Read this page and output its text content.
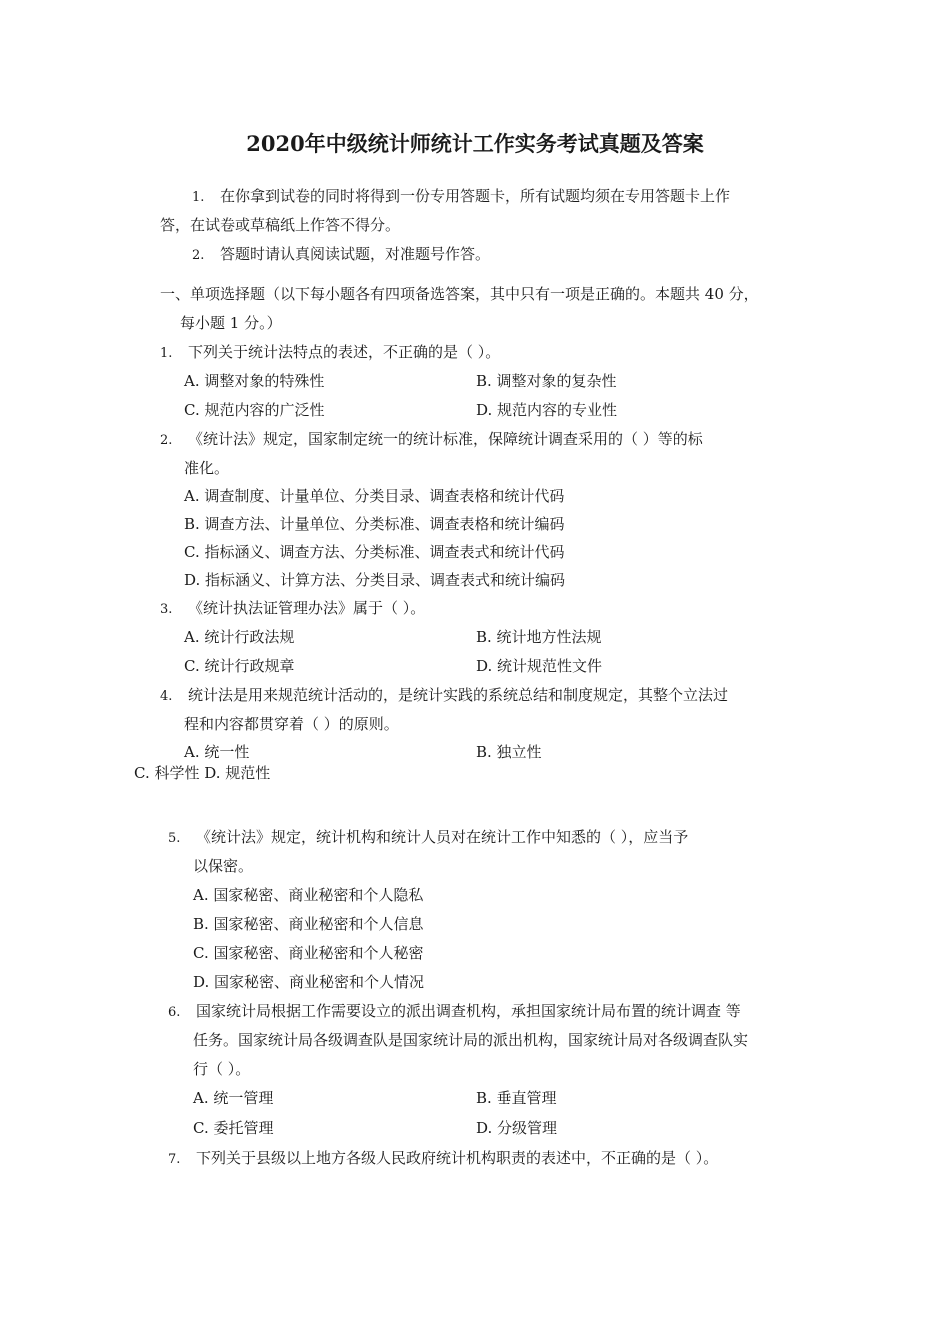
2020年中级统计师统计工作实务考试真题及答案
1. 在你拿到试卷的同时将得到一份专用答题卡，所有试题均须在专用答题卡上作
答，在试卷或草稿纸上作答不得分。
2. 答题时请认真阅读试题，对准题号作答。
一、单项选择题（以下每小题各有四项备选答案，其中只有一项是正确的。本题共 40 分，
每小题 1 分。）
1. 下列关于统计法特点的表述，不正确的是（ ）。
A. 调整对象的特殊性	B. 调整对象的复杂性
C. 规范内容的广泛性	D. 规范内容的专业性
2. 《统计法》规定，国家制定统一的统计标准，保障统计调查采用的（ ）等的标
准化。
A. 调查制度、计量单位、分类目录、调查表格和统计代码
B. 调查方法、计量单位、分类标准、调查表格和统计编码
C. 指标涵义、调查方法、分类标准、调查表式和统计代码
D. 指标涵义、计算方法、分类目录、调查表式和统计编码
3. 《统计执法证管理办法》属于（ ）。
A. 统计行政法规	B. 统计地方性法规
C. 统计行政规章	D. 统计规范性文件
4. 统计法是用来规范统计活动的，是统计实践的系统总结和制度规定，其整个立法过
程和内容都贯穿着（ ）的原则。
A. 统一性	B. 独立性
C. 科学性 D. 规范性
5. 《统计法》规定，统计机构和统计人员对在统计工作中知悉的（ ），应当予
以保密。
A. 国家秘密、商业秘密和个人隐私
B. 国家秘密、商业秘密和个人信息
C. 国家秘密、商业秘密和个人秘密
D. 国家秘密、商业秘密和个人情况
6. 国家统计局根据工作需要设立的派出调查机构，承担国家统计局布置的统计调查 等
任务。国家统计局各级调查队是国家统计局的派出机构，国家统计局对各级调查队实
行（ ）。
A. 统一管理	B. 垂直管理
C. 委托管理	D. 分级管理
7. 下列关于县级以上地方各级人民政府统计机构职责的表述中，不正确的是（ ）。
